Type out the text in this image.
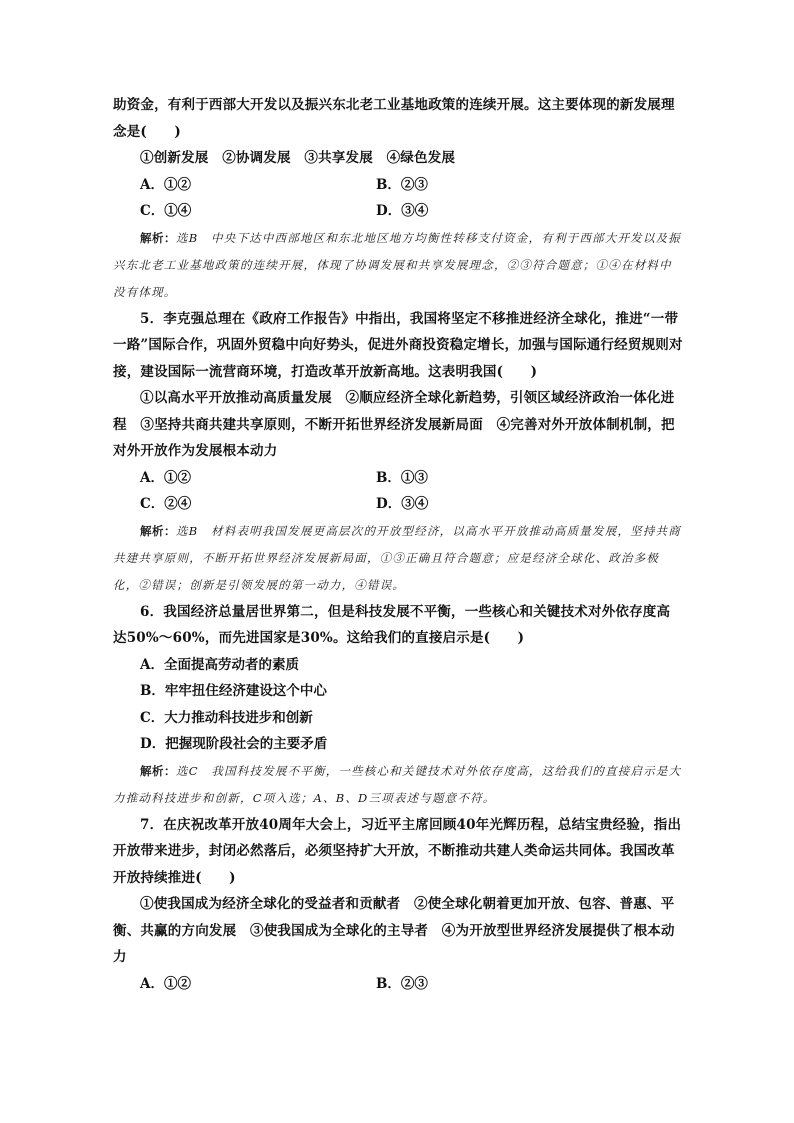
助资金，有利于西部大开发以及振兴东北老工业基地政策的连续开展。这主要体现的新发展理念是(　　)

①创新发展　②协调发展　③共享发展　④绿色发展

A．①②	B．②③
C．①④	D．③④

解析：选B　中央下达中西部地区和东北地区地方均衡性转移支付资金，有利于西部大开发以及振兴东北老工业基地政策的连续开展，体现了协调发展和共享发展理念，②③符合题意；①④在材料中没有体现。

5．李克强总理在《政府工作报告》中指出，我国将坚定不移推进经济全球化，推进“一带一路”国际合作，巩固外贸稳中向好势头，促进外商投资稳定增长，加强与国际通行经贸规则对接，建设国际一流营商环境，打造改革开放新高地。这表明我国(　　)

①以高水平开放推动高质量发展　②顺应经济全球化新趋势，引领区域经济政治一体化进程　③坚持共商共建共享原则，不断开拓世界经济发展新局面　④完善对外开放体制机制，把对外开放作为发展根本动力

A．①②	B．①③
C．②④	D．③④

解析：选B　材料表明我国发展更高层次的开放型经济，以高水平开放推动高质量发展，坚持共商共建共享原则，不断开拓世界经济发展新局面，①③正确且符合题意；应是经济全球化、政治多极化，②错误；创新是引领发展的第一动力，④错误。

6．我国经济总量居世界第二，但是科技发展不平衡，一些核心和关键技术对外依存度高达50%～60%，而先进国家是30%。这给我们的直接启示是(　　)

A．全面提高劳动者的素质
B．牢牢扭住经济建设这个中心
C．大力推动科技进步和创新
D．把握现阶段社会的主要矛盾

解析：选C　我国科技发展不平衡，一些核心和关键技术对外依存度高，这给我们的直接启示是大力推动科技进步和创新，C项入选；A、B、D三项表述与题意不符。

7．在庆祝改革开放40周年大会上，习近平主席回顾40年光辉历程，总结宝贵经验，指出开放带来进步，封闭必然落后，必须坚持扩大开放，不断推动共建人类命运共同体。我国改革开放持续推进(　　)

①使我国成为经济全球化的受益者和贡献者　②使全球化朝着更加开放、包容、普惠、平衡、共赢的方向发展　③使我国成为全球化的主导者　④为开放型世界经济发展提供了根本动力

A．①②	B．②③
